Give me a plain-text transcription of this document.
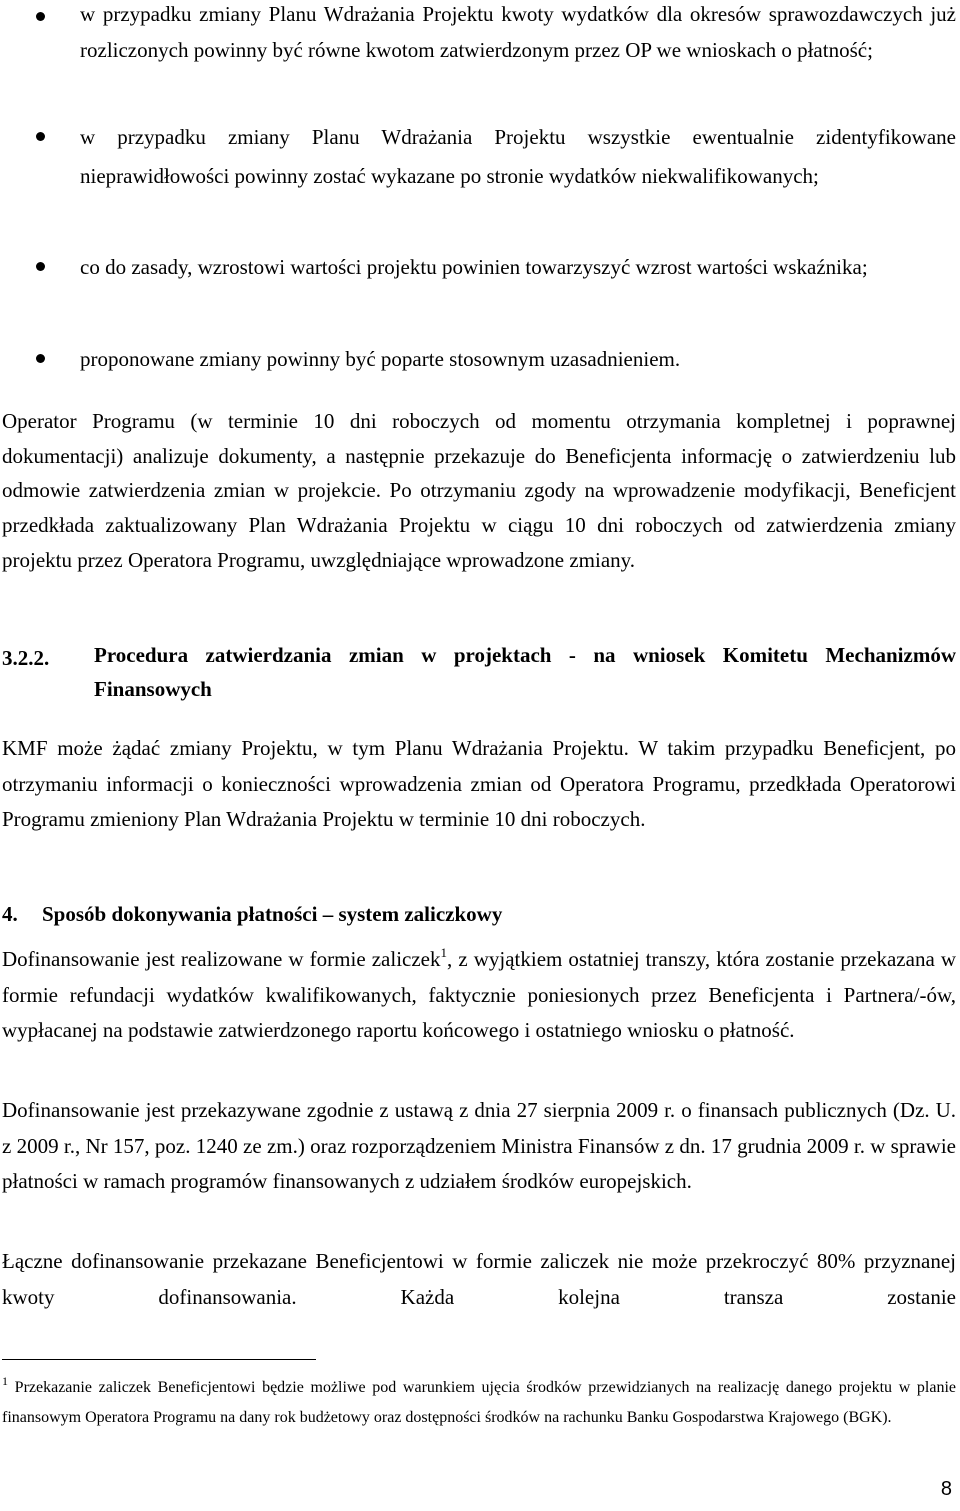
w przypadku zmiany Planu Wdrażania Projektu kwoty wydatków dla okresów sprawozdawczych już rozliczonych powinny być równe kwotom zatwierdzonym przez OP we wnioskach o płatność;
w przypadku zmiany Planu Wdrażania Projektu wszystkie ewentualnie zidentyfikowane nieprawidłowości powinny zostać wykazane po stronie wydatków niekwalifikowanych;
co do zasady, wzrostowi wartości projektu powinien towarzyszyć wzrost wartości wskaźnika;
proponowane zmiany powinny być poparte stosownym uzasadnieniem.
Operator Programu (w terminie 10 dni roboczych od momentu otrzymania kompletnej i poprawnej dokumentacji) analizuje dokumenty, a następnie przekazuje do Beneficjenta informację o zatwierdzeniu lub odmowie zatwierdzenia zmian w projekcie. Po otrzymaniu zgody na wprowadzenie modyfikacji, Beneficjent przedkłada zaktualizowany Plan Wdrażania Projektu w ciągu 10 dni roboczych od zatwierdzenia zmiany projektu przez Operatora Programu, uwzględniające wprowadzone zmiany.
3.2.2. Procedura zatwierdzania zmian w projektach - na wniosek Komitetu Mechanizmów Finansowych
KMF może żądać zmiany Projektu, w tym Planu Wdrażania Projektu. W takim przypadku Beneficjent, po otrzymaniu informacji o konieczności wprowadzenia zmian od Operatora Programu, przedkłada Operatorowi Programu zmieniony Plan Wdrażania Projektu w terminie 10 dni roboczych.
4. Sposób dokonywania płatności – system zaliczkowy
Dofinansowanie jest realizowane w formie zaliczek$^1$, z wyjątkiem ostatniej transzy, która zostanie przekazana w formie refundacji wydatków kwalifikowanych, faktycznie poniesionych przez Beneficjenta i Partnera/-ów, wypłacanej na podstawie zatwierdzonego raportu końcowego i ostatniego wniosku o płatność.
Dofinansowanie jest przekazywane zgodnie z ustawą z dnia 27 sierpnia 2009 r. o finansach publicznych (Dz. U. z 2009 r., Nr 157, poz. 1240 ze zm.) oraz rozporządzeniem Ministra Finansów z dn. 17 grudnia 2009 r. w sprawie płatności w ramach programów finansowanych z udziałem środków europejskich.
Łączne dofinansowanie przekazane Beneficjentowi w formie zaliczek nie może przekroczyć 80% przyznanej kwoty dofinansowania. Każda kolejna transza zostanie
$^1$ Przekazanie zaliczek Beneficjentowi będzie możliwe pod warunkiem ujęcia środków przewidzianych na realizację danego projektu w planie finansowym Operatora Programu na dany rok budżetowy oraz dostępności środków na rachunku Banku Gospodarstwa Krajowego (BGK).
8
